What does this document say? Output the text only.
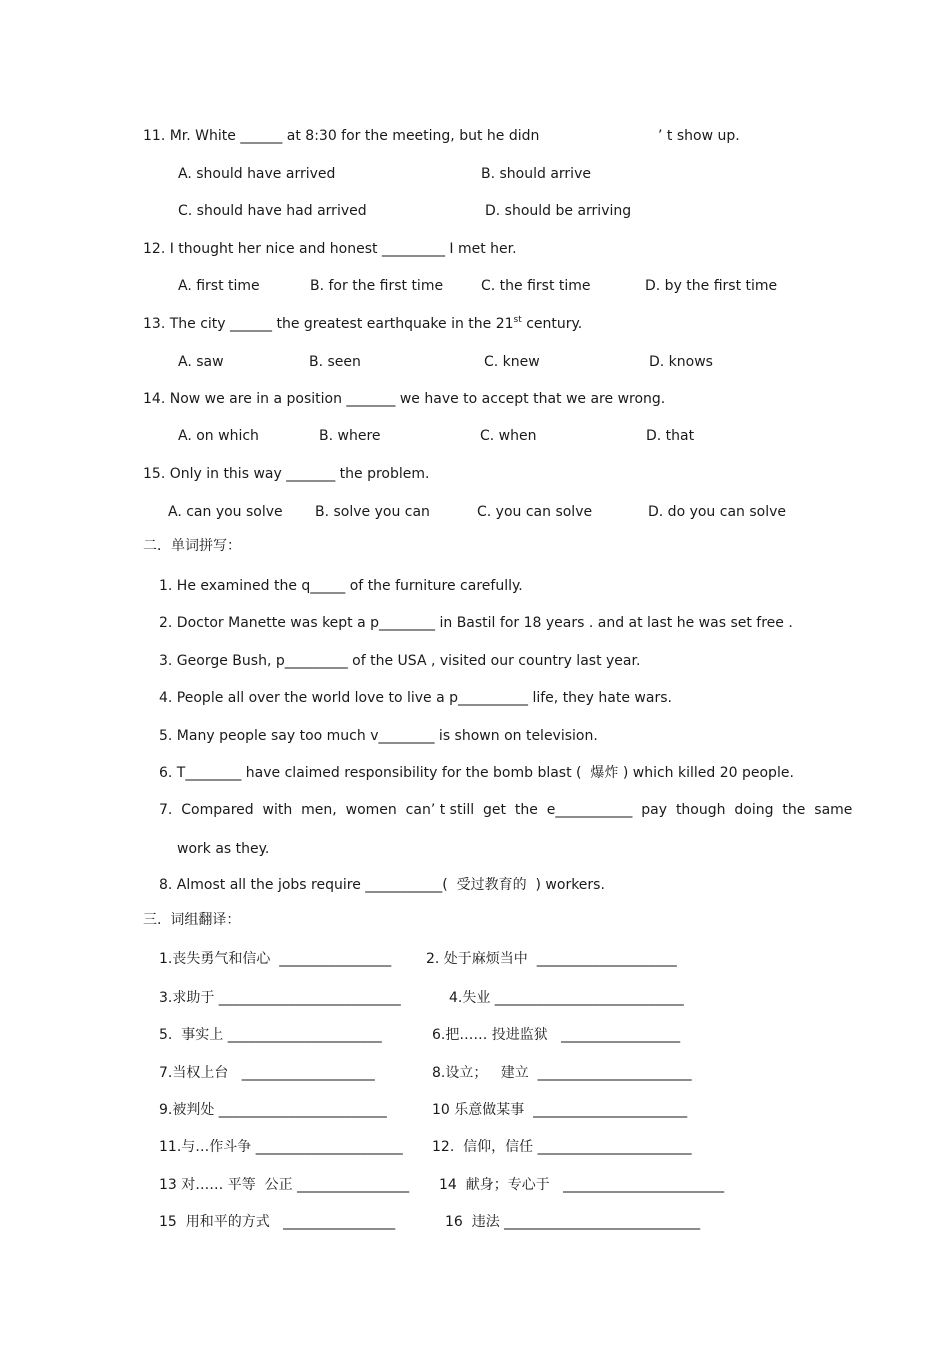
11. Mr. White ______ at 8:30 for the meeting, but he didn	’ t show up.
A. should have arrived	B. should arrive
C. should have had arrived	D. should be arriving
12. I thought her nice and honest _________ I met her.
A. first time	B. for the first time	C. the first time	D. by the first time
13. The city ______ the greatest earthquake in the 21st century.
A. saw	B. seen	C. knew	D. knows
14. Now we are in a position _______ we have to accept that we are wrong.
A. on which	B. where	C. when	D. that
15. Only in this way _______ the problem.
A. can you solve B. solve you can	C. you can solve	D. do you can solve
二．单词拼写：
1. He examined the q_____ of the furniture carefully.
2. Doctor Manette was kept a p________ in Bastil for 18 years . and at last he was set free .
3. George Bush, p_________ of the USA , visited our country last year.
4. People all over the world love to live a p__________ life, they hate wars.
5. Many people say too much v________ is shown on television.
6. T________ have claimed responsibility for the bomb blast (  爆炸 ) which killed 20 people.
7.  Compared  with  men,  women  can’ t still  get  the  e___________  pay  though  doing  the  same
work as they.
8. Almost all the jobs require ___________(  受过教育的  ) workers.
三.  词组翻译：
1.丧失勇气和信心  ________________ 2. 处于麻烦当中  ____________________
3.求助于 __________________________	4.失业 ___________________________
5.  事实上 ______________________	6.把…… 投进监狱   _________________
7.当权上台   ___________________	8.设立；   建立  ______________________
9.被判处 ________________________	10 乐意做某事  ______________________
11.与…作斗争 _____________________ 12.  信仰，信任 ______________________
13 对…… 平等  公正 ________________ 14  献身；专心于   _______________________
15  用和平的方式   ________________	16  违法 ____________________________
